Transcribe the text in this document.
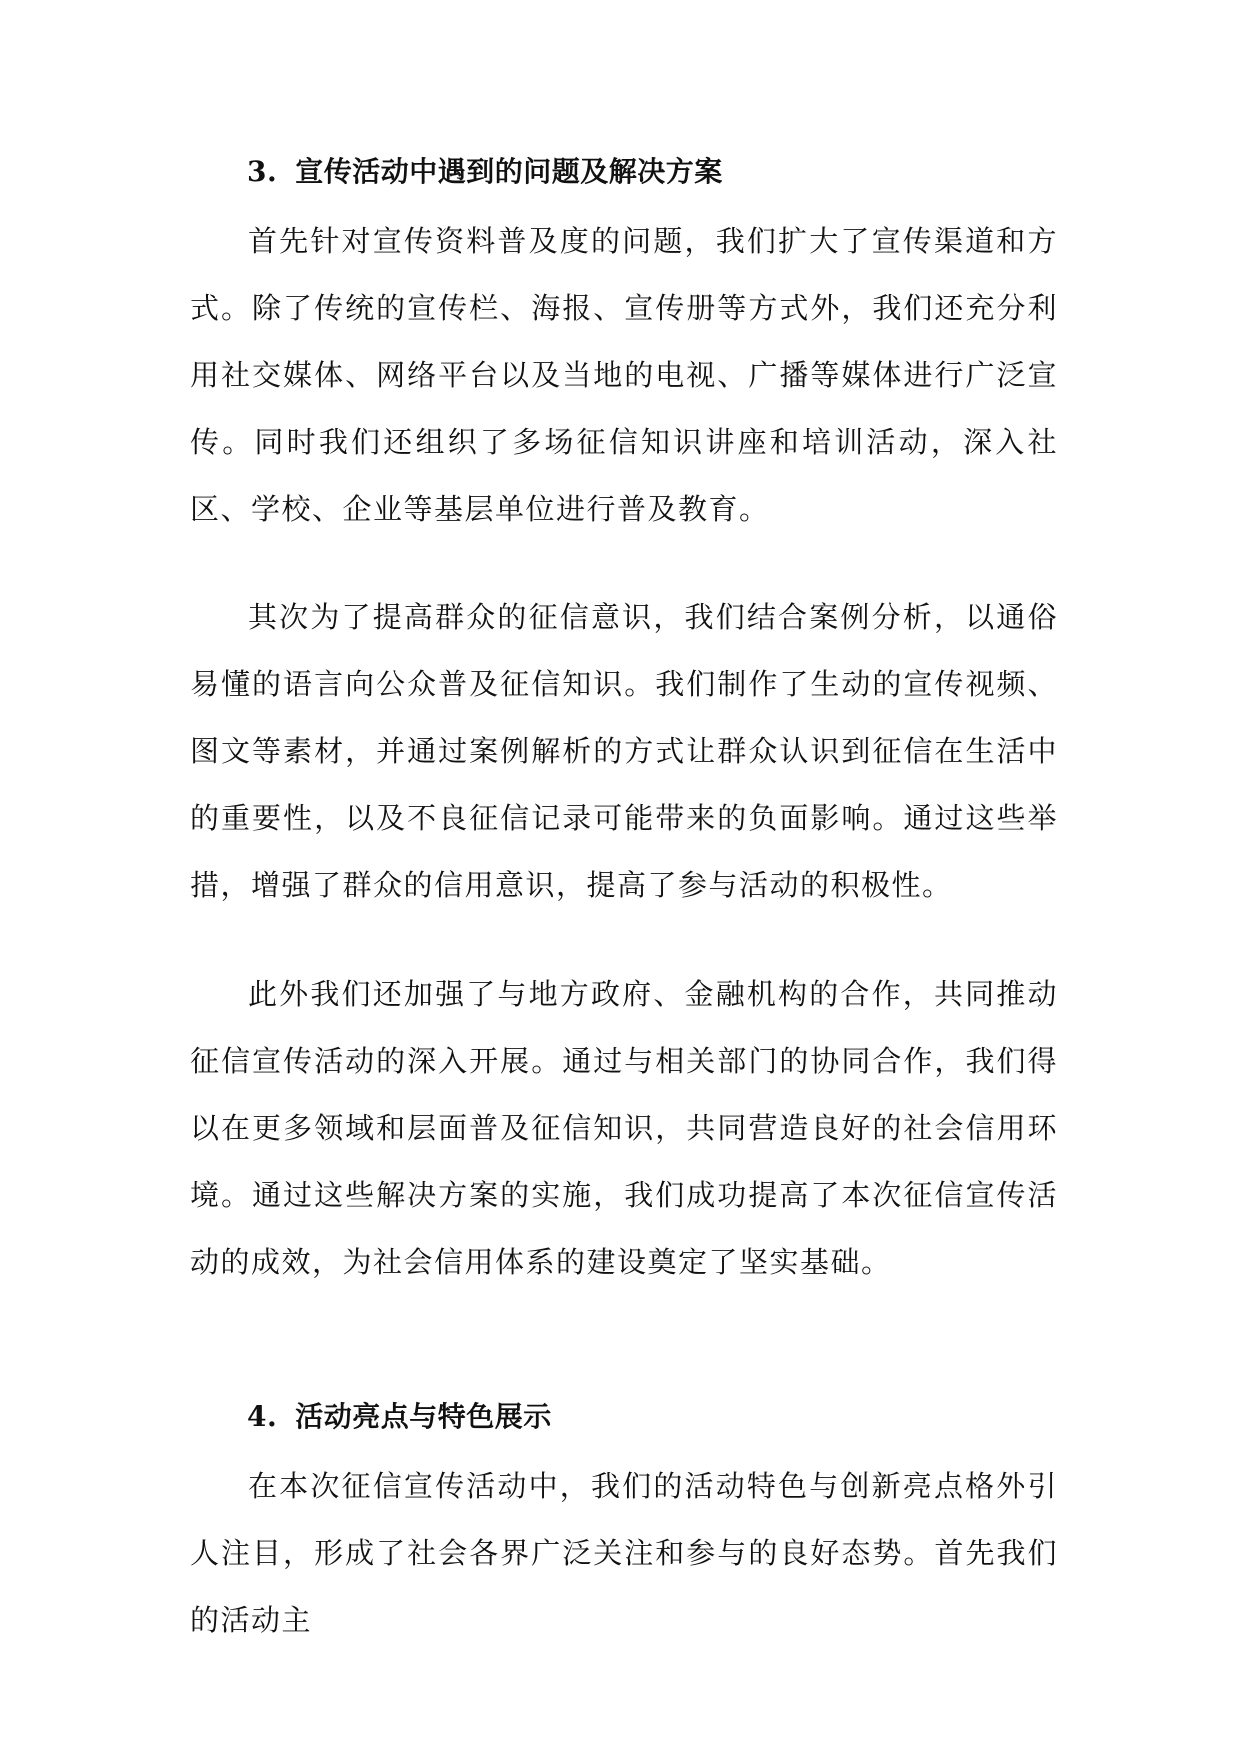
3. 宣传活动中遇到的问题及解决方案

首先针对宣传资料普及度的问题，我们扩大了宣传渠道和方式。除了传统的宣传栏、海报、宣传册等方式外，我们还充分利用社交媒体、网络平台以及当地的电视、广播等媒体进行广泛宣传。同时我们还组织了多场征信知识讲座和培训活动，深入社区、学校、企业等基层单位进行普及教育。

其次为了提高群众的征信意识，我们结合案例分析，以通俗易懂的语言向公众普及征信知识。我们制作了生动的宣传视频、图文等素材，并通过案例解析的方式让群众认识到征信在生活中的重要性，以及不良征信记录可能带来的负面影响。通过这些举措，增强了群众的信用意识，提高了参与活动的积极性。

此外我们还加强了与地方政府、金融机构的合作，共同推动征信宣传活动的深入开展。通过与相关部门的协同合作，我们得以在更多领域和层面普及征信知识，共同营造良好的社会信用环境。通过这些解决方案的实施，我们成功提高了本次征信宣传活动的成效，为社会信用体系的建设奠定了坚实基础。

4. 活动亮点与特色展示

在本次征信宣传活动中，我们的活动特色与创新亮点格外引人注目，形成了社会各界广泛关注和参与的良好态势。首先我们的活动主
